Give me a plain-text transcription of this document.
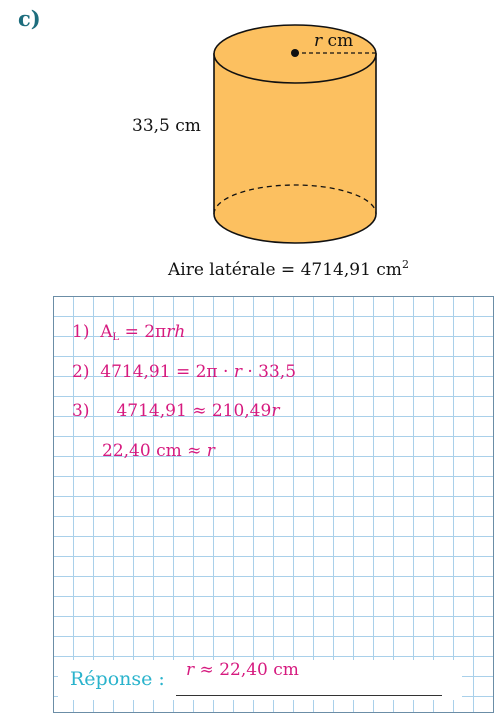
c)
r cm
33,5 cm
Aire latérale = 4714,91 $cm^2$
1) $A_L = 2\pi rh$
2) 4714,91 = 2π · r · 33,5
3) 4714,91 ≈ 210,49r
22,40 cm ≈ r
Réponse : r ≈ 22,40 cm
